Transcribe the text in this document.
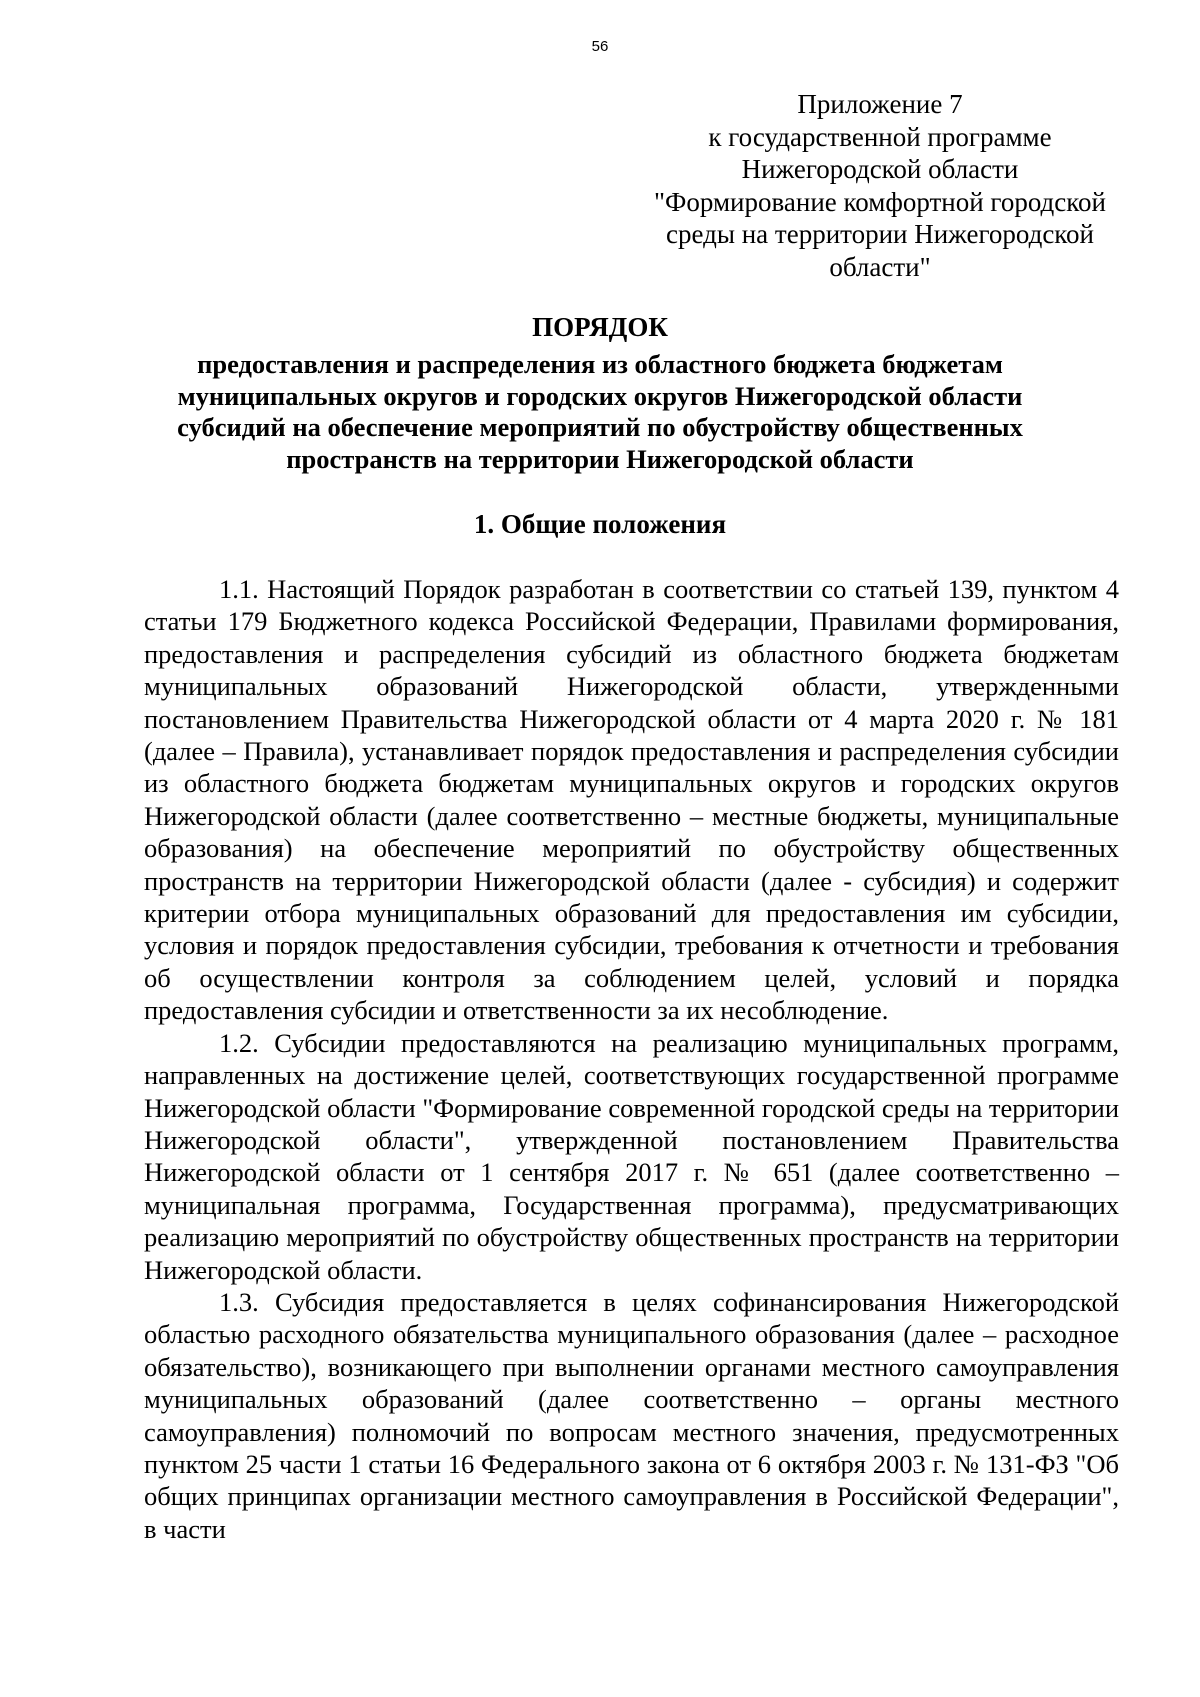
56
Приложение 7
к государственной программе
Нижегородской области
"Формирование комфортной городской
среды на территории Нижегородской
области"
ПОРЯДОК
предоставления и распределения из областного бюджета бюджетам
муниципальных округов и городских округов Нижегородской области
субсидий на обеспечение мероприятий по обустройству общественных
пространств на территории Нижегородской области
1. Общие положения

1.1. Настоящий Порядок разработан в соответствии со статьей 139, пунктом 4 статьи 179 Бюджетного кодекса Российской Федерации, Правилами формирования, предоставления и распределения субсидий из областного бюджета бюджетам муниципальных образований Нижегородской области, утвержденными постановлением Правительства Нижегородской области от 4 марта 2020 г. № 181 (далее – Правила), устанавливает порядок предоставления и распределения субсидии из областного бюджета бюджетам муниципальных округов и городских округов Нижегородской области (далее соответственно – местные бюджеты, муниципальные образования) на обеспечение мероприятий по обустройству общественных пространств на территории Нижегородской области (далее - субсидия) и содержит критерии отбора муниципальных образований для предоставления им субсидии, условия и порядок предоставления субсидии, требования к отчетности и требования об осуществлении контроля за соблюдением целей, условий и порядка предоставления субсидии и ответственности за их несоблюдение.

1.2. Субсидии предоставляются на реализацию муниципальных программ, направленных на достижение целей, соответствующих государственной программе Нижегородской области "Формирование современной городской среды на территории Нижегородской области", утвержденной постановлением Правительства Нижегородской области от 1 сентября 2017 г. № 651 (далее соответственно – муниципальная программа, Государственная программа), предусматривающих реализацию мероприятий по обустройству общественных пространств на территории Нижегородской области.

1.3. Субсидия предоставляется в целях софинансирования Нижегородской областью расходного обязательства муниципального образования (далее – расходное обязательство), возникающего при выполнении органами местного самоуправления муниципальных образований (далее соответственно – органы местного самоуправления) полномочий по вопросам местного значения, предусмотренных пунктом 25 части 1 статьи 16 Федерального закона от 6 октября 2003 г. № 131-ФЗ "Об общих принципах организации местного самоуправления в Российской Федерации", в части
